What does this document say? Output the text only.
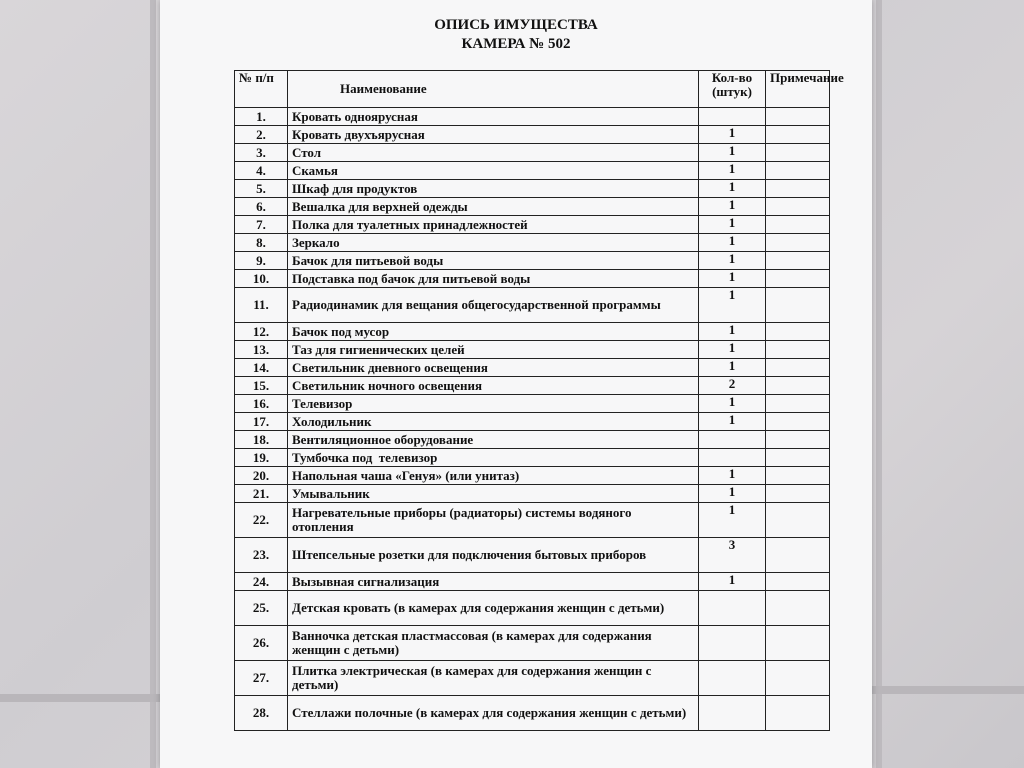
ОПИСЬ ИМУЩЕСТВА
КАМЕРА № 502
№ п/п	Наименование	Кол-во (штук)	Примечание
1.	Кровать одноярусная		
2.	Кровать двухъярусная	1	
3.	Стол	1	
4.	Скамья	1	
5.	Шкаф для продуктов	1	
6.	Вешалка для верхней одежды	1	
7.	Полка для туалетных принадлежностей	1	
8.	Зеркало	1	
9.	Бачок для питьевой воды	1	
10.	Подставка под бачок для питьевой воды	1	
11.	Радиодинамик для вещания общегосударственной программы	1	
12.	Бачок под мусор	1	
13.	Таз для гигиенических целей	1	
14.	Светильник дневного освещения	1	
15.	Светильник ночного освещения	2	
16.	Телевизор	1	
17.	Холодильник	1	
18.	Вентиляционное оборудование		
19.	Тумбочка под  телевизор		
20.	Напольная чаша «Генуя» (или унитаз)	1	
21.	Умывальник	1	
22.	Нагревательные приборы (радиаторы) системы водяного отопления	1	
23.	Штепсельные розетки для подключения бытовых приборов	3	
24.	Вызывная сигнализация	1	
25.	Детская кровать (в камерах для содержания женщин с детьми)		
26.	Ванночка детская пластмассовая (в камерах для содержания женщин с детьми)		
27.	Плитка электрическая (в камерах для содержания женщин с детьми)		
28.	Стеллажи полочные (в камерах для содержания женщин с детьми)		
